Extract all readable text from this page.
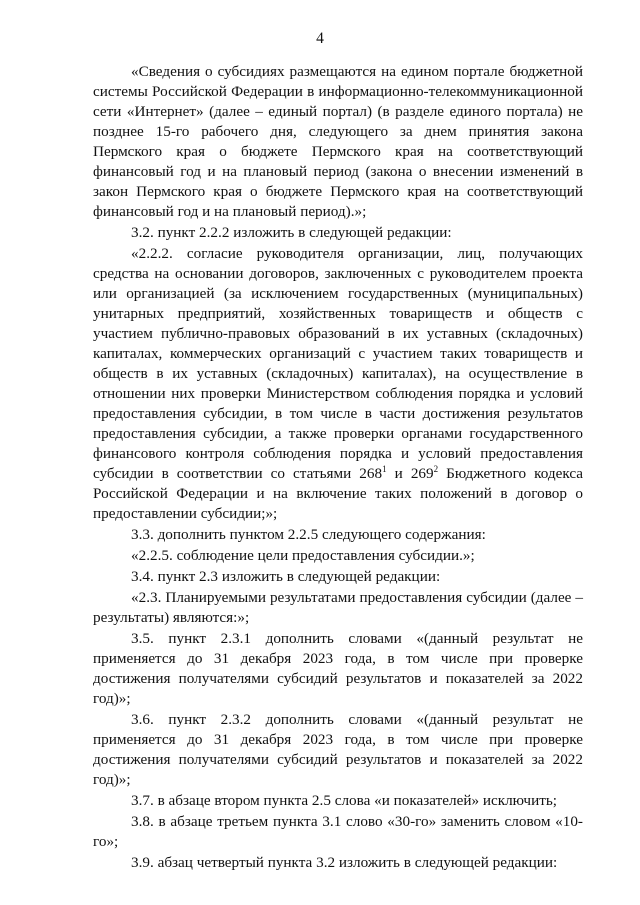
4

«Сведения о субсидиях размещаются на едином портале бюджетной системы Российской Федерации в информационно-телекоммуникационной сети «Интернет» (далее – единый портал) (в разделе единого портала) не позднее 15-го рабочего дня, следующего за днем принятия закона Пермского края о бюджете Пермского края на соответствующий финансовый год и на плановый период (закона о внесении изменений в закон Пермского края о бюджете Пермского края на соответствующий финансовый год и на плановый период).»;

3.2. пункт 2.2.2 изложить в следующей редакции:

«2.2.2. согласие руководителя организации, лиц, получающих средства на основании договоров, заключенных с руководителем проекта или организацией (за исключением государственных (муниципальных) унитарных предприятий, хозяйственных товариществ и обществ с участием публично-правовых образований в их уставных (складочных) капиталах, коммерческих организаций с участием таких товариществ и обществ в их уставных (складочных) капиталах), на осуществление в отношении них проверки Министерством соблюдения порядка и условий предоставления субсидии, в том числе в части достижения результатов предоставления субсидии, а также проверки органами государственного финансового контроля соблюдения порядка и условий предоставления субсидии в соответствии со статьями $268^1$ и $269^2$ Бюджетного кодекса Российской Федерации и на включение таких положений в договор о предоставлении субсидии;»;

3.3. дополнить пунктом 2.2.5 следующего содержания:

«2.2.5. соблюдение цели предоставления субсидии.»;

3.4. пункт 2.3 изложить в следующей редакции:

«2.3. Планируемыми результатами предоставления субсидии (далее – результаты) являются:»;

3.5. пункт 2.3.1 дополнить словами «(данный результат не применяется до 31 декабря 2023 года, в том числе при проверке достижения получателями субсидий результатов и показателей за 2022 год)»;

3.6. пункт 2.3.2 дополнить словами «(данный результат не применяется до 31 декабря 2023 года, в том числе при проверке достижения получателями субсидий результатов и показателей за 2022 год)»;

3.7. в абзаце втором пункта 2.5 слова «и показателей» исключить;

3.8. в абзаце третьем пункта 3.1 слово «30-го» заменить словом «10-го»;

3.9. абзац четвертый пункта 3.2 изложить в следующей редакции:
